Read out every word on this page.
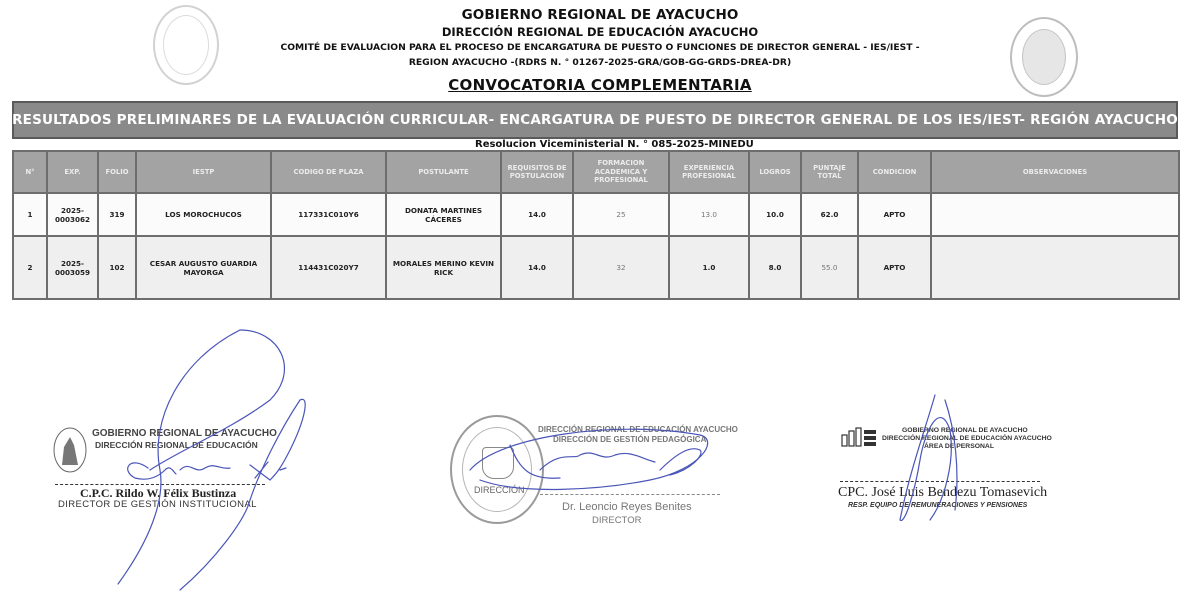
GOBIERNO REGIONAL DE AYACUCHO
DIRECCIÓN REGIONAL DE EDUCACIÓN AYACUCHO
COMITÉ DE EVALUACION PARA EL PROCESO DE ENCARGATURA DE PUESTO O FUNCIONES DE DIRECTOR GENERAL - IES/IEST -
REGION AYACUCHO -(RDRS N. ° 01267-2025-GRA/GOB-GG-GRDS-DREA-DR)
CONVOCATORIA COMPLEMENTARIA
RESULTADOS PRELIMINARES DE LA EVALUACIÓN CURRICULAR- ENCARGATURA DE PUESTO DE DIRECTOR GENERAL DE LOS IES/IEST- REGIÓN AYACUCHO
Resolucion Viceministerial N. ° 085-2025-MINEDU
N°	EXP.	FOLIO	IESTP	CODIGO DE PLAZA	POSTULANTE	REQUISITOS DE POSTULACION	FORMACION ACADEMICA Y PROFESIONAL	EXPERIENCIA PROFESIONAL	LOGROS	PUNTAJE TOTAL	CONDICION	OBSERVACIONES
1	2025-0003062	319	LOS MOROCHUCOS	117331C010Y6	DONATA MARTINES CÁCERES	14.0	25	13.0	10.0	62.0	APTO	
2	2025-0003059	102	CESAR AUGUSTO GUARDIA MAYORGA	114431C020Y7	MORALES MERINO KEVIN RICK	14.0	32	1.0	8.0	55.0	APTO	
GOBIERNO REGIONAL DE AYACUCHO
DIRECCIÓN REGIONAL DE EDUCACIÓN
C.P.C. Rildo W. Félix Bustinza
DIRECTOR DE GESTIÓN INSTITUCIONAL
DIRECCIÓN
DIRECCIÓN REGIONAL DE EDUCACIÓN AYACUCHO
DIRECCIÓN DE GESTIÓN PEDAGÓGICA
Dr. Leoncio Reyes Benites
DIRECTOR
GOBIERNO REGIONAL DE AYACUCHO
DIRECCIÓN REGIONAL DE EDUCACIÓN AYACUCHO
ÁREA DE PERSONAL
CPC. José Luis Bendezu Tomasevich
RESP. EQUIPO DE REMUNERACIONES Y PENSIONES
